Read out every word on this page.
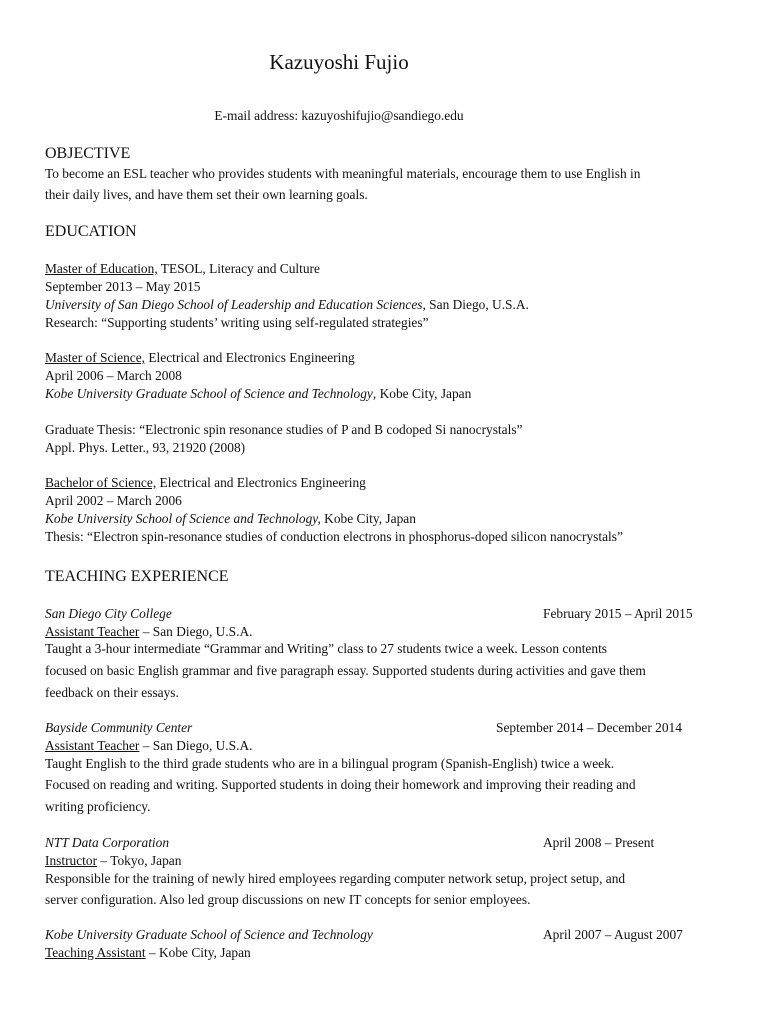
Kazuyoshi Fujio
E-mail address: kazuyoshifujio@sandiego.edu
OBJECTIVE
To become an ESL teacher who provides students with meaningful materials, encourage them to use English in
their daily lives, and have them set their own learning goals.
EDUCATION
Master of Education, TESOL, Literacy and Culture
September 2013 – May 2015
University of San Diego School of Leadership and Education Sciences, San Diego, U.S.A.
Research: “Supporting students’ writing using self-regulated strategies”
Master of Science, Electrical and Electronics Engineering
April 2006 – March 2008
Kobe University Graduate School of Science and Technology, Kobe City, Japan
Graduate Thesis: “Electronic spin resonance studies of P and B codoped Si nanocrystals”
Appl. Phys. Letter., 93, 21920 (2008)
Bachelor of Science, Electrical and Electronics Engineering
April 2002 – March 2006
Kobe University School of Science and Technology, Kobe City, Japan
Thesis: “Electron spin-resonance studies of conduction electrons in phosphorus-doped silicon nanocrystals”
TEACHING EXPERIENCE
San Diego City College	February 2015 – April 2015
Assistant Teacher – San Diego, U.S.A.
Taught a 3-hour intermediate “Grammar and Writing” class to 27 students twice a week. Lesson contents
focused on basic English grammar and five paragraph essay. Supported students during activities and gave them
feedback on their essays.
Bayside Community Center	September 2014 – December 2014
Assistant Teacher – San Diego, U.S.A.
Taught English to the third grade students who are in a bilingual program (Spanish-English) twice a week.
Focused on reading and writing. Supported students in doing their homework and improving their reading and
writing proficiency.
NTT Data Corporation	April 2008 – Present
Instructor – Tokyo, Japan
Responsible for the training of newly hired employees regarding computer network setup, project setup, and
server configuration. Also led group discussions on new IT concepts for senior employees.
Kobe University Graduate School of Science and Technology	April 2007 – August 2007
Teaching Assistant – Kobe City, Japan
